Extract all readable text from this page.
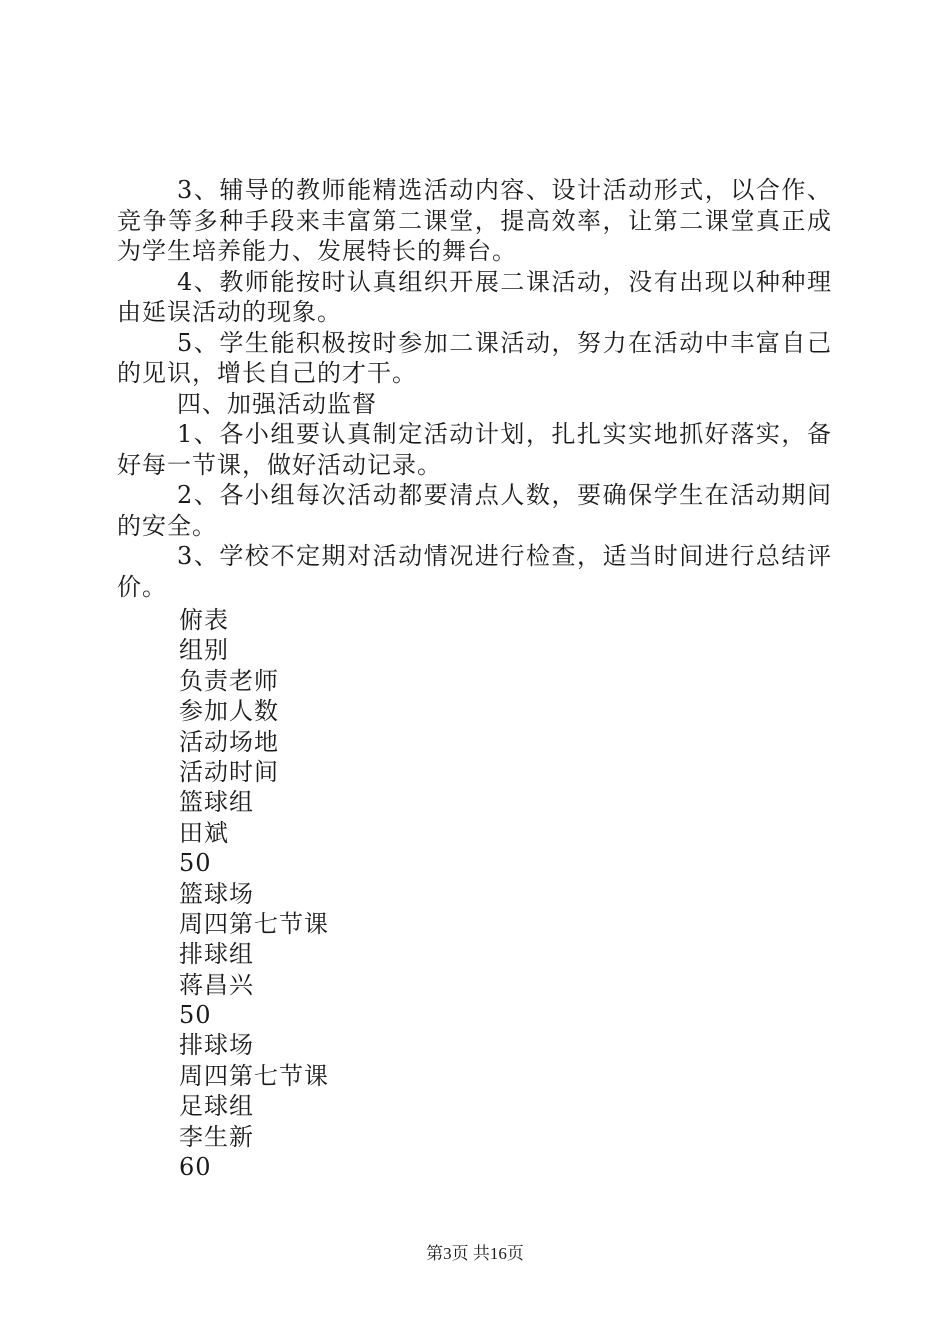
3、辅导的教师能精选活动内容、设计活动形式，以合作、竞争等多种手段来丰富第二课堂，提高效率，让第二课堂真正成为学生培养能力、发展特长的舞台。

4、教师能按时认真组织开展二课活动，没有出现以种种理由延误活动的现象。

5、学生能积极按时参加二课活动，努力在活动中丰富自己的见识，增长自己的才干。

四、加强活动监督

1、各小组要认真制定活动计划，扎扎实实地抓好落实，备好每一节课，做好活动记录。

2、各小组每次活动都要清点人数，要确保学生在活动期间的安全。

3、学校不定期对活动情况进行检查，适当时间进行总结评价。

俯表

组别

负责老师

参加人数

活动场地

活动时间

篮球组

田斌

50

篮球场

周四第七节课

排球组

蒋昌兴

50

排球场

周四第七节课

足球组

李生新

60

第3页 共16页
